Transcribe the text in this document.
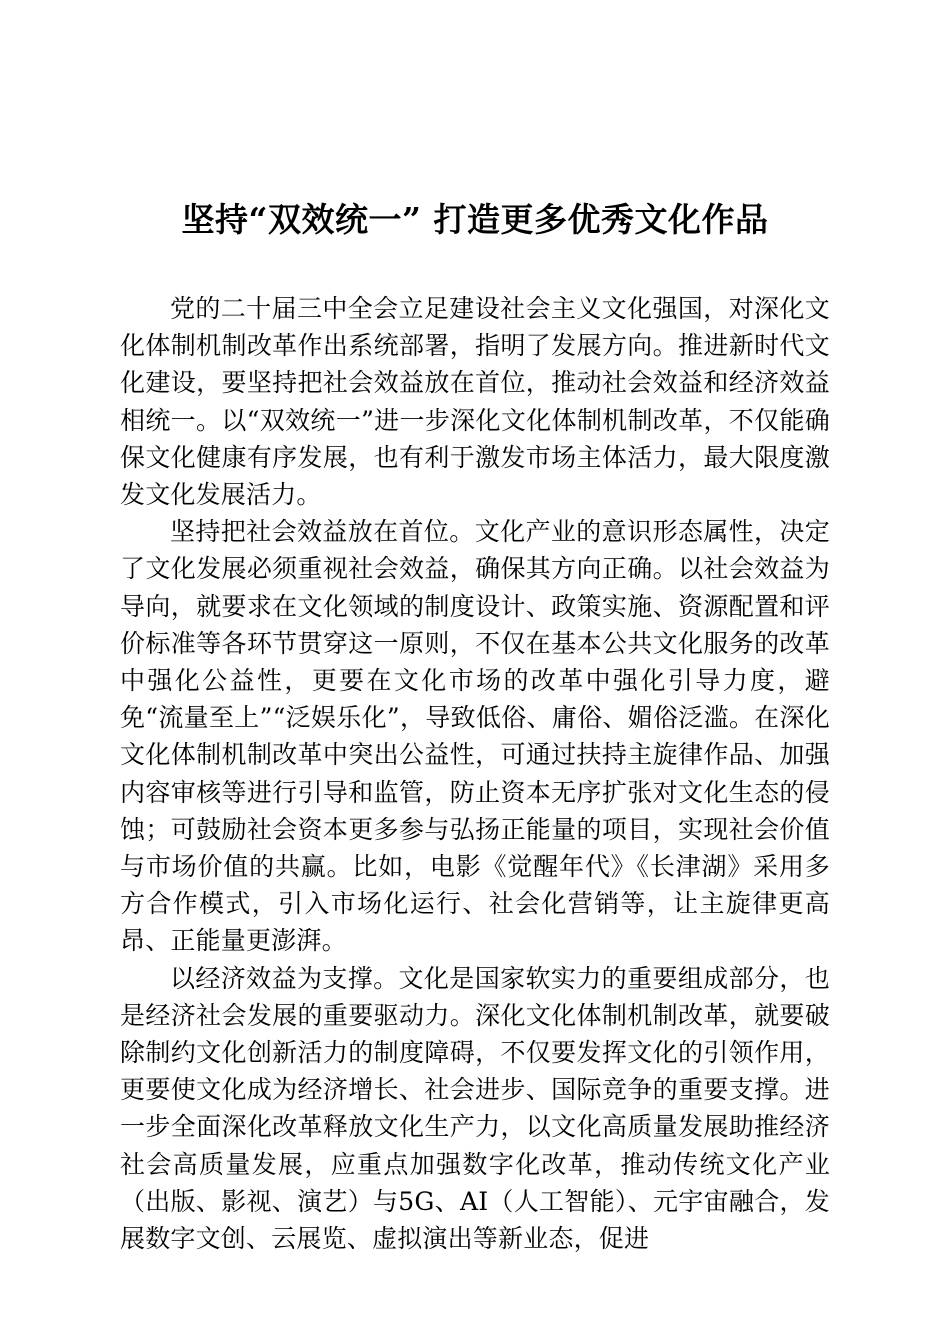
坚持“双效统一” 打造更多优秀文化作品

党的二十届三中全会立足建设社会主义文化强国，对深化文化体制机制改革作出系统部署，指明了发展方向。推进新时代文化建设，要坚持把社会效益放在首位，推动社会效益和经济效益相统一。以“双效统一”进一步深化文化体制机制改革，不仅能确保文化健康有序发展，也有利于激发市场主体活力，最大限度激发文化发展活力。

坚持把社会效益放在首位。文化产业的意识形态属性，决定了文化发展必须重视社会效益，确保其方向正确。以社会效益为导向，就要求在文化领域的制度设计、政策实施、资源配置和评价标准等各环节贯穿这一原则，不仅在基本公共文化服务的改革中强化公益性，更要在文化市场的改革中强化引导力度，避免“流量至上”“泛娱乐化”，导致低俗、庸俗、媚俗泛滥。在深化文化体制机制改革中突出公益性，可通过扶持主旋律作品、加强内容审核等进行引导和监管，防止资本无序扩张对文化生态的侵蚀；可鼓励社会资本更多参与弘扬正能量的项目，实现社会价值与市场价值的共赢。比如，电影《觉醒年代》《长津湖》采用多方合作模式，引入市场化运行、社会化营销等，让主旋律更高昂、正能量更澎湃。

以经济效益为支撑。文化是国家软实力的重要组成部分，也是经济社会发展的重要驱动力。深化文化体制机制改革，就要破除制约文化创新活力的制度障碍，不仅要发挥文化的引领作用，更要使文化成为经济增长、社会进步、国际竞争的重要支撑。进一步全面深化改革释放文化生产力，以文化高质量发展助推经济社会高质量发展，应重点加强数字化改革，推动传统文化产业（出版、影视、演艺）与5G、AI（人工智能）、元宇宙融合，发展数字文创、云展览、虚拟演出等新业态，促进
